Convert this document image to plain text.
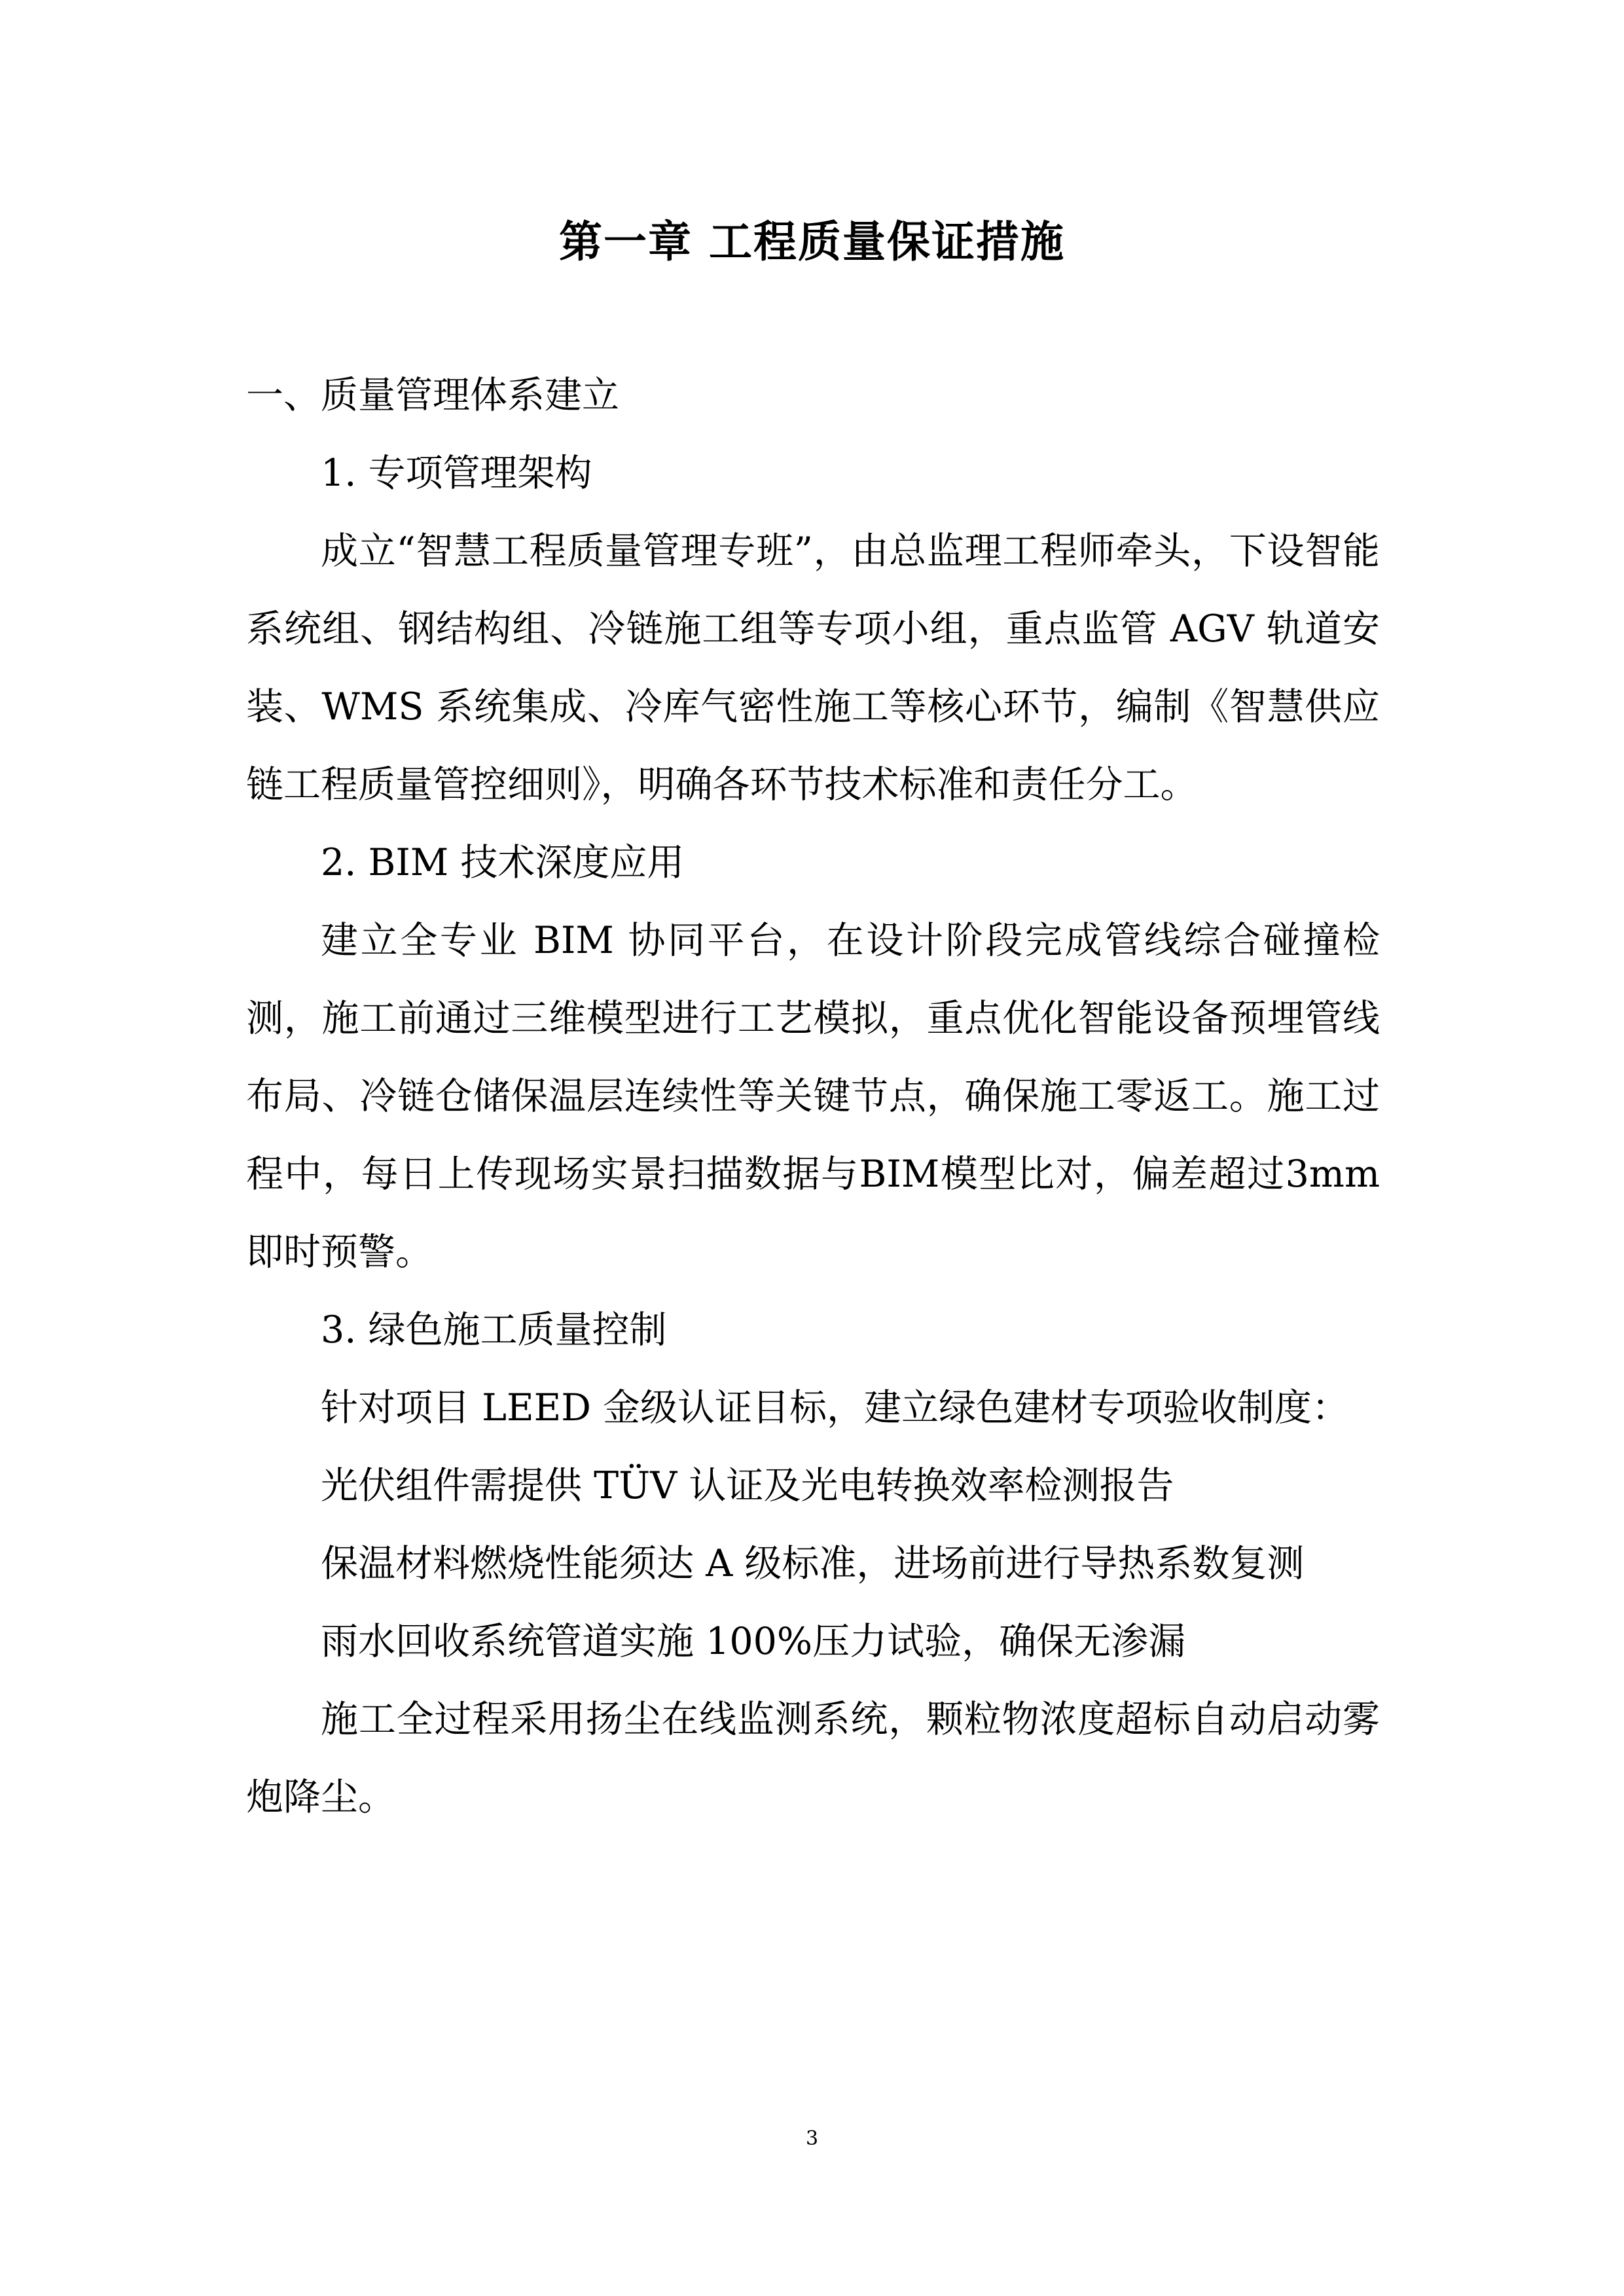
第一章 工程质量保证措施

一、质量管理体系建立

1. 专项管理架构

成立“智慧工程质量管理专班”，由总监理工程师牵头，下设智能系统组、钢结构组、冷链施工组等专项小组，重点监管 AGV 轨道安装、WMS 系统集成、冷库气密性施工等核心环节，编制《智慧供应链工程质量管控细则》，明确各环节技术标准和责任分工。

2. BIM 技术深度应用

建立全专业 BIM 协同平台，在设计阶段完成管线综合碰撞检测，施工前通过三维模型进行工艺模拟，重点优化智能设备预埋管线布局、冷链仓储保温层连续性等关键节点，确保施工零返工。施工过程中，每日上传现场实景扫描数据与BIM模型比对，偏差超过3mm即时预警。

3. 绿色施工质量控制

针对项目 LEED 金级认证目标，建立绿色建材专项验收制度：

光伏组件需提供 TÜV 认证及光电转换效率检测报告

保温材料燃烧性能须达 A 级标准，进场前进行导热系数复测

雨水回收系统管道实施 100%压力试验，确保无渗漏

施工全过程采用扬尘在线监测系统，颗粒物浓度超标自动启动雾炮降尘。

3
